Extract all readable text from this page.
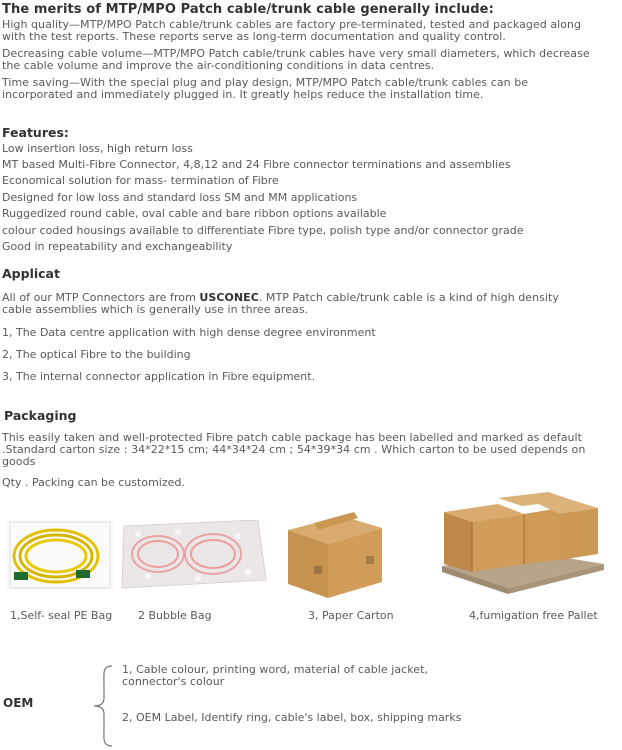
The merits of MTP/MPO Patch cable/trunk cable generally include:
High quality—MTP/MPO Patch cable/trunk cables are factory pre-terminated, tested and packaged along
with the test reports. These reports serve as long-term documentation and quality control.
Decreasing cable volume—MTP/MPO Patch cable/trunk cables have very small diameters, which decrease
the cable volume and improve the air-conditioning conditions in data centres.
Time saving—With the special plug and play design, MTP/MPO Patch cable/trunk cables can be
incorporated and immediately plugged in. It greatly helps reduce the installation time.
Features:
Low insertion loss, high return loss
MT based Multi-Fibre Connector, 4,8,12 and 24 Fibre connector terminations and assemblies
Economical solution for mass- termination of Fibre
Designed for low loss and standard loss SM and MM applications
Ruggedized round cable, oval cable and bare ribbon options available
colour coded housings available to differentiate Fibre type, polish type and/or connector grade
Good in repeatability and exchangeability
Applicat
All of our MTP Connectors are from USCONEC. MTP Patch cable/trunk cable is a kind of high density
cable assemblies which is generally use in three areas.
1, The Data centre application with high dense degree environment
2, The optical Fibre to the building
3, The internal connector application in Fibre equipment.
Packaging
This easily taken and well-protected Fibre patch cable package has been labelled and marked as default
.Standard carton size : 34*22*15 cm; 44*34*24 cm ; 54*39*34 cm . Which carton to be used depends on
goods
Qty . Packing can be customized.
1,Self- seal PE Bag 2 Bubble Bag	3, Paper Carton	4,fumigation free Pallet
OEM
1, Cable colour, printing word, material of cable jacket,
connector's colour
2, OEM Label, Identify ring, cable's label, box, shipping marks
